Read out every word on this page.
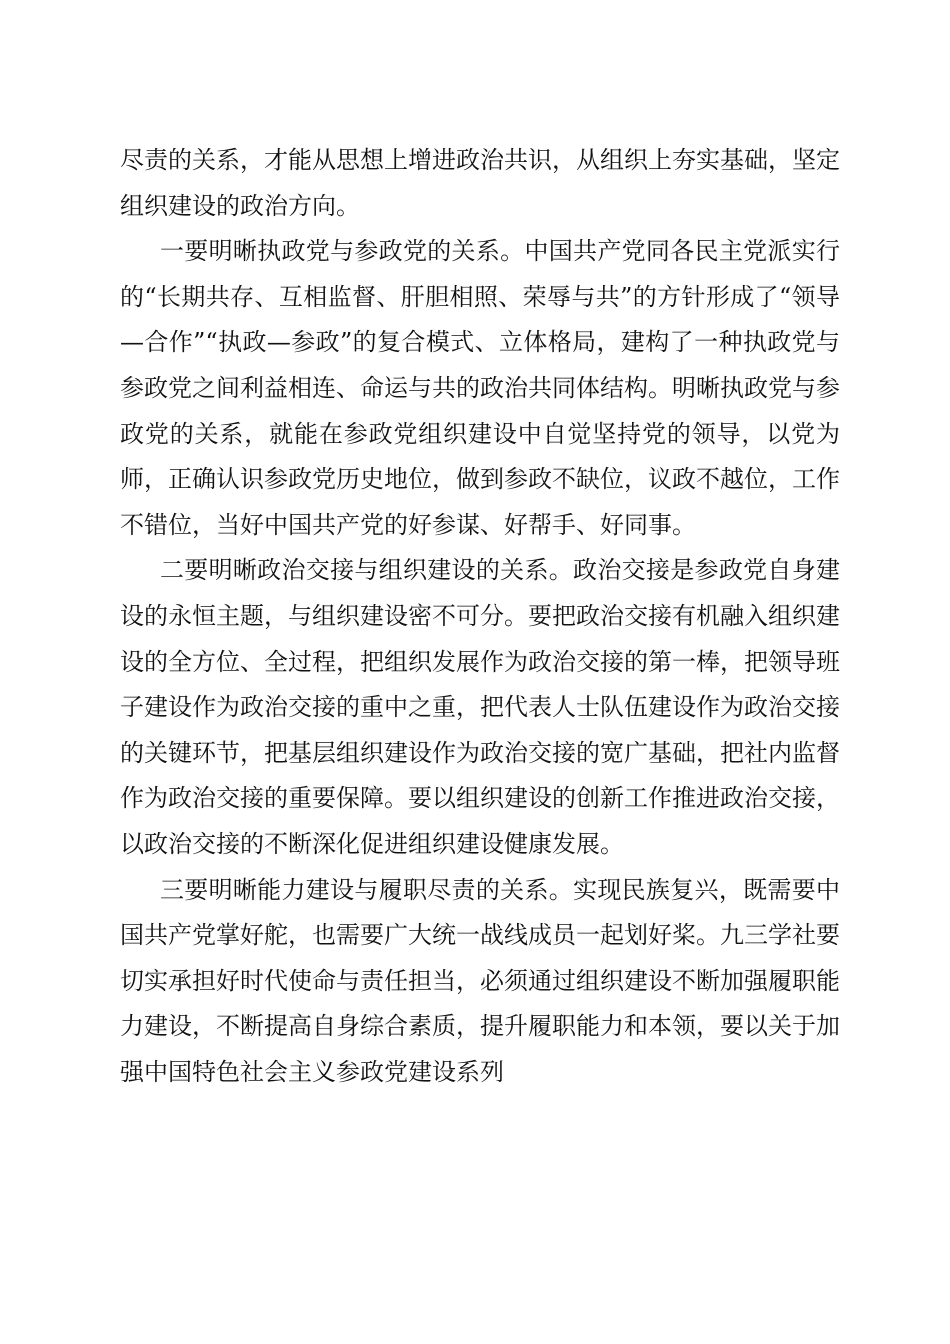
尽责的关系，才能从思想上增进政治共识，从组织上夯实基础，坚定组织建设的政治方向。

一要明晰执政党与参政党的关系。中国共产党同各民主党派实行的“长期共存、互相监督、肝胆相照、荣辱与共”的方针形成了“领导—合作”“执政—参政”的复合模式、立体格局，建构了一种执政党与参政党之间利益相连、命运与共的政治共同体结构。明晰执政党与参政党的关系，就能在参政党组织建设中自觉坚持党的领导，以党为师，正确认识参政党历史地位，做到参政不缺位，议政不越位，工作不错位，当好中国共产党的好参谋、好帮手、好同事。

二要明晰政治交接与组织建设的关系。政治交接是参政党自身建设的永恒主题，与组织建设密不可分。要把政治交接有机融入组织建设的全方位、全过程，把组织发展作为政治交接的第一棒，把领导班子建设作为政治交接的重中之重，把代表人士队伍建设作为政治交接的关键环节，把基层组织建设作为政治交接的宽广基础，把社内监督作为政治交接的重要保障。要以组织建设的创新工作推进政治交接，以政治交接的不断深化促进组织建设健康发展。

三要明晰能力建设与履职尽责的关系。实现民族复兴，既需要中国共产党掌好舵，也需要广大统一战线成员一起划好桨。九三学社要切实承担好时代使命与责任担当，必须通过组织建设不断加强履职能力建设，不断提高自身综合素质，提升履职能力和本领，要以关于加强中国特色社会主义参政党建设系列
